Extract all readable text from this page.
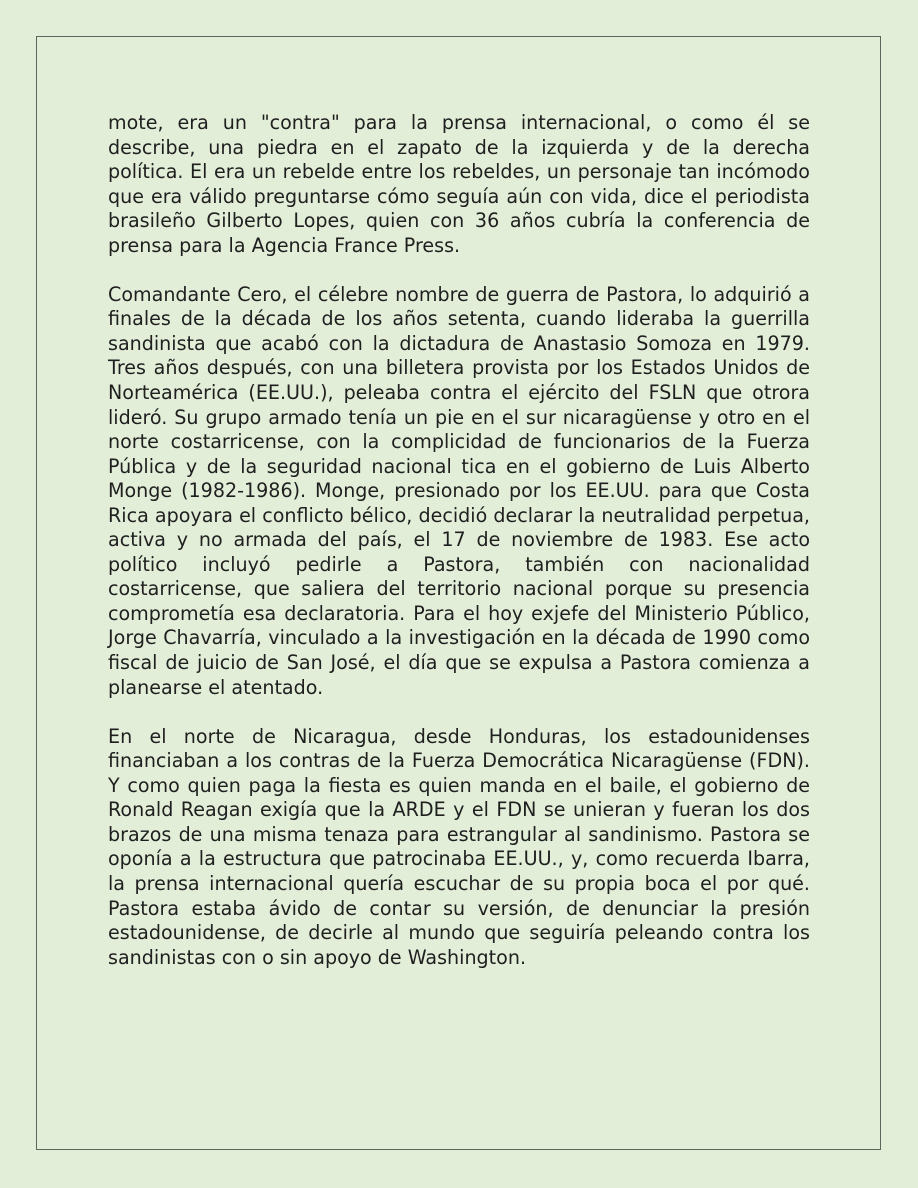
mote, era un "contra" para la prensa internacional, o como él se describe, una piedra en el zapato de la izquierda y de la derecha política. El era un rebelde entre los rebeldes, un personaje tan incómodo que era válido preguntarse cómo seguía aún con vida, dice el periodista brasileño Gilberto Lopes, quien con 36 años cubría la conferencia de prensa para la Agencia France Press.

Comandante Cero, el célebre nombre de guerra de Pastora, lo adquirió a finales de la década de los años setenta, cuando lideraba la guerrilla sandinista que acabó con la dictadura de Anastasio Somoza en 1979. Tres años después, con una billetera provista por los Estados Unidos de Norteamérica (EE.UU.), peleaba contra el ejército del FSLN que otrora lideró. Su grupo armado tenía un pie en el sur nicaragüense y otro en el norte costarricense, con la complicidad de funcionarios de la Fuerza Pública y de la seguridad nacional tica en el gobierno de Luis Alberto Monge (1982-1986). Monge, presionado por los EE.UU. para que Costa Rica apoyara el conflicto bélico, decidió declarar la neutralidad perpetua, activa y no armada del país, el 17 de noviembre de 1983. Ese acto político incluyó pedirle a Pastora, también con nacionalidad costarricense, que saliera del territorio nacional porque su presencia comprometía esa declaratoria. Para el hoy exjefe del Ministerio Público, Jorge Chavarría, vinculado a la investigación en la década de 1990 como fiscal de juicio de San José, el día que se expulsa a Pastora comienza a planearse el atentado.

En el norte de Nicaragua, desde Honduras, los estadounidenses financiaban a los contras de la Fuerza Democrática Nicaragüense (FDN). Y como quien paga la fiesta es quien manda en el baile, el gobierno de Ronald Reagan exigía que la ARDE y el FDN se unieran y fueran los dos brazos de una misma tenaza para estrangular al sandinismo. Pastora se oponía a la estructura que patrocinaba EE.UU., y, como recuerda Ibarra, la prensa internacional quería escuchar de su propia boca el por qué. Pastora estaba ávido de contar su versión, de denunciar la presión estadounidense, de decirle al mundo que seguiría peleando contra los sandinistas con o sin apoyo de Washington.
